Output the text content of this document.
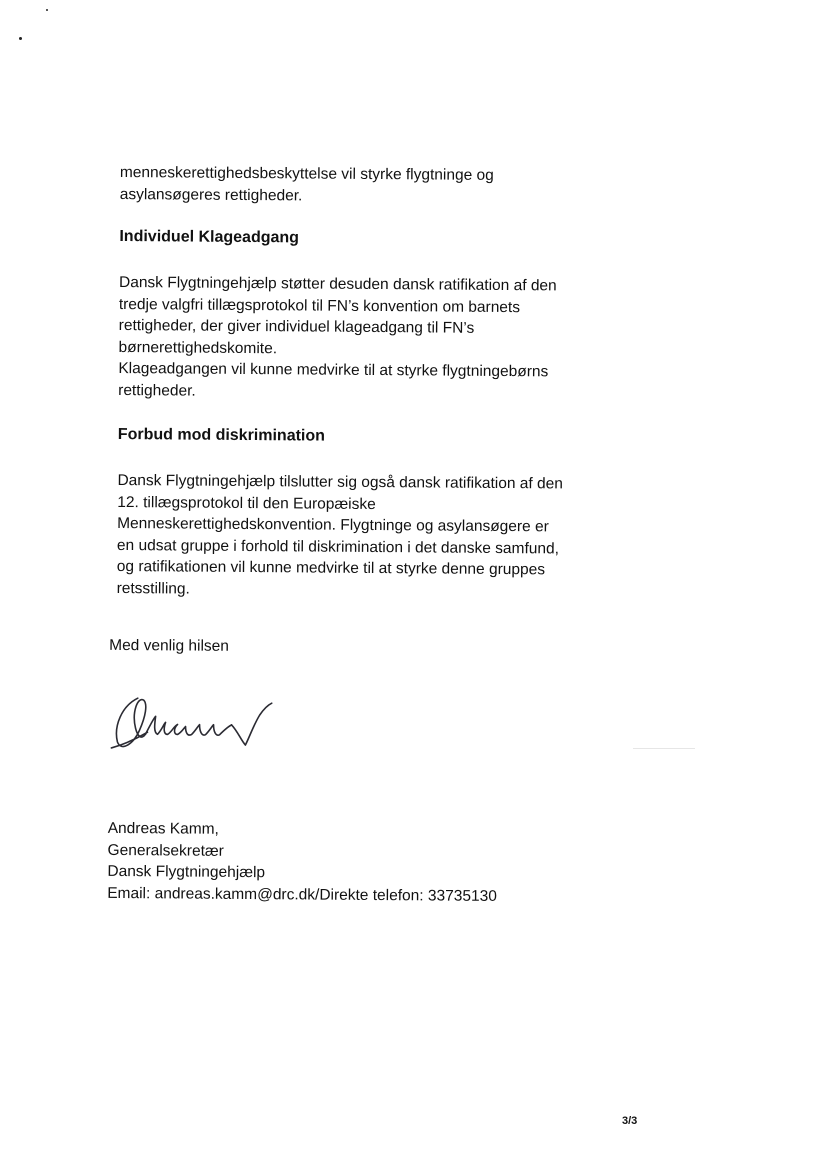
menneskerettighedsbeskyttelse vil styrke flygtninge og
asylansøgeres rettigheder.
Individuel Klageadgang
Dansk Flygtningehjælp støtter desuden dansk ratifikation af den
tredje valgfri tillægsprotokol til FN’s konvention om barnets
rettigheder, der giver individuel klageadgang til FN’s
børnerettighedskomite.
Klageadgangen vil kunne medvirke til at styrke flygtningebørns
rettigheder.
Forbud mod diskrimination
Dansk Flygtningehjælp tilslutter sig også dansk ratifikation af den
12. tillægsprotokol til den Europæiske
Menneskerettighedskonvention. Flygtninge og asylansøgere er
en udsat gruppe i forhold til diskrimination i det danske samfund,
og ratifikationen vil kunne medvirke til at styrke denne gruppes
retsstilling.
Med venlig hilsen
Andreas Kamm,
Generalsekretær
Dansk Flygtningehjælp
Email: andreas.kamm@drc.dk/Direkte telefon: 33735130
3/3
